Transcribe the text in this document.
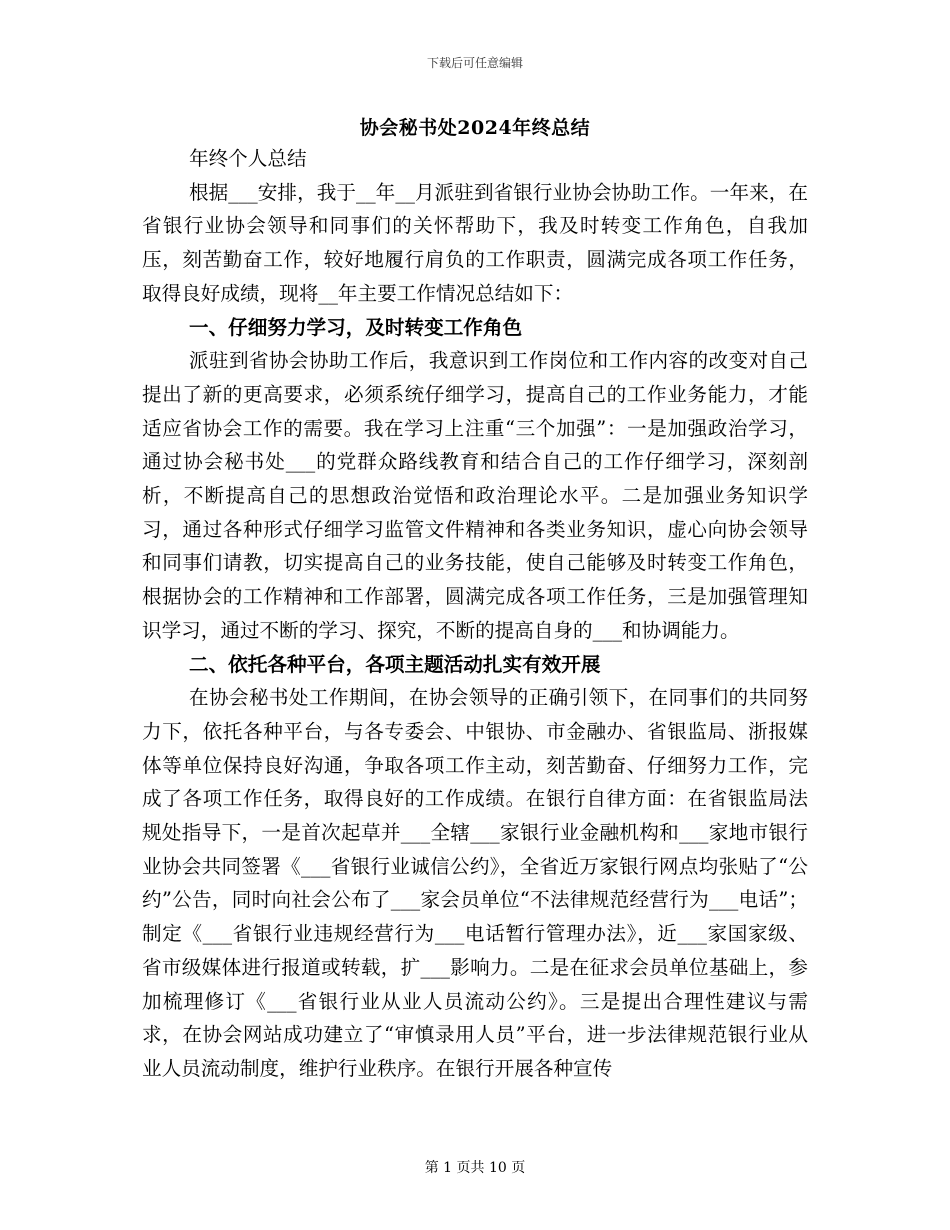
下载后可任意编辑
协会秘书处2024年终总结

年终个人总结

根据___安排，我于__年__月派驻到省银行业协会协助工作。一年来，在省银行业协会领导和同事们的关怀帮助下，我及时转变工作角色，自我加压，刻苦勤奋工作，较好地履行肩负的工作职责，圆满完成各项工作任务，取得良好成绩，现将__年主要工作情况总结如下：

一、仔细努力学习，及时转变工作角色

派驻到省协会协助工作后，我意识到工作岗位和工作内容的改变对自己提出了新的更高要求，必须系统仔细学习，提高自己的工作业务能力，才能适应省协会工作的需要。我在学习上注重“三个加强”：一是加强政治学习，通过协会秘书处___的党群众路线教育和结合自己的工作仔细学习，深刻剖析，不断提高自己的思想政治觉悟和政治理论水平。二是加强业务知识学习，通过各种形式仔细学习监管文件精神和各类业务知识，虚心向协会领导和同事们请教，切实提高自己的业务技能，使自己能够及时转变工作角色，根据协会的工作精神和工作部署，圆满完成各项工作任务，三是加强管理知识学习，通过不断的学习、探究，不断的提高自身的___和协调能力。

二、依托各种平台，各项主题活动扎实有效开展

在协会秘书处工作期间，在协会领导的正确引领下，在同事们的共同努力下，依托各种平台，与各专委会、中银协、市金融办、省银监局、浙报媒体等单位保持良好沟通，争取各项工作主动，刻苦勤奋、仔细努力工作，完成了各项工作任务，取得良好的工作成绩。在银行自律方面：在省银监局法规处指导下，一是首次起草并___全辖___家银行业金融机构和___家地市银行业协会共同签署《___省银行业诚信公约》，全省近万家银行网点均张贴了“公约”公告，同时向社会公布了___家会员单位“不法律规范经营行为___电话”；制定《___省银行业违规经营行为___电话暂行管理办法》，近___家国家级、省市级媒体进行报道或转载，扩___影响力。二是在征求会员单位基础上，参加梳理修订《___省银行业从业人员流动公约》。三是提出合理性建议与需求，在协会网站成功建立了“审慎录用人员”平台，进一步法律规范银行业从业人员流动制度，维护行业秩序。在银行开展各种宣传

第 1 页共 10 页
